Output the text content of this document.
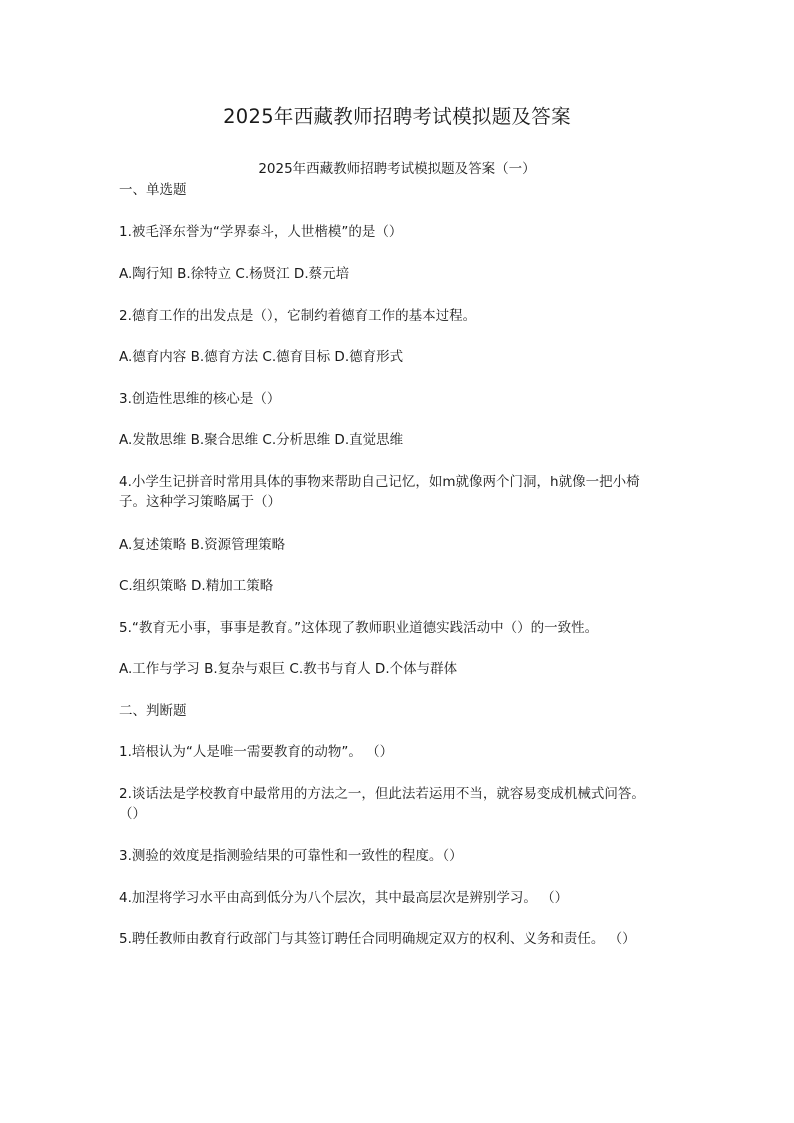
2025年西藏教师招聘考试模拟题及答案
2025年西藏教师招聘考试模拟题及答案（一）
一、单选题
1.被毛泽东誉为“学界泰斗，人世楷模”的是（）
A.陶行知 B.徐特立 C.杨贤江 D.蔡元培
2.德育工作的出发点是（），它制约着德育工作的基本过程。
A.德育内容 B.德育方法 C.德育目标 D.德育形式
3.创造性思维的核心是（）
A.发散思维 B.聚合思维 C.分析思维 D.直觉思维
4.小学生记拼音时常用具体的事物来帮助自己记忆，如m就像两个门洞，h就像一把小椅
子。这种学习策略属于（）
A.复述策略 B.资源管理策略
C.组织策略 D.精加工策略
5.“教育无小事，事事是教育。”这体现了教师职业道德实践活动中（）的一致性。
A.工作与学习 B.复杂与艰巨 C.教书与育人 D.个体与群体
二、判断题
1.培根认为“人是唯一需要教育的动物”。 （）
2.谈话法是学校教育中最常用的方法之一，但此法若运用不当，就容易变成机械式问答。
（）
3.测验的效度是指测验结果的可靠性和一致性的程度。（）
4.加涅将学习水平由高到低分为八个层次，其中最高层次是辨别学习。 （）
5.聘任教师由教育行政部门与其签订聘任合同明确规定双方的权利、义务和责任。 （）
